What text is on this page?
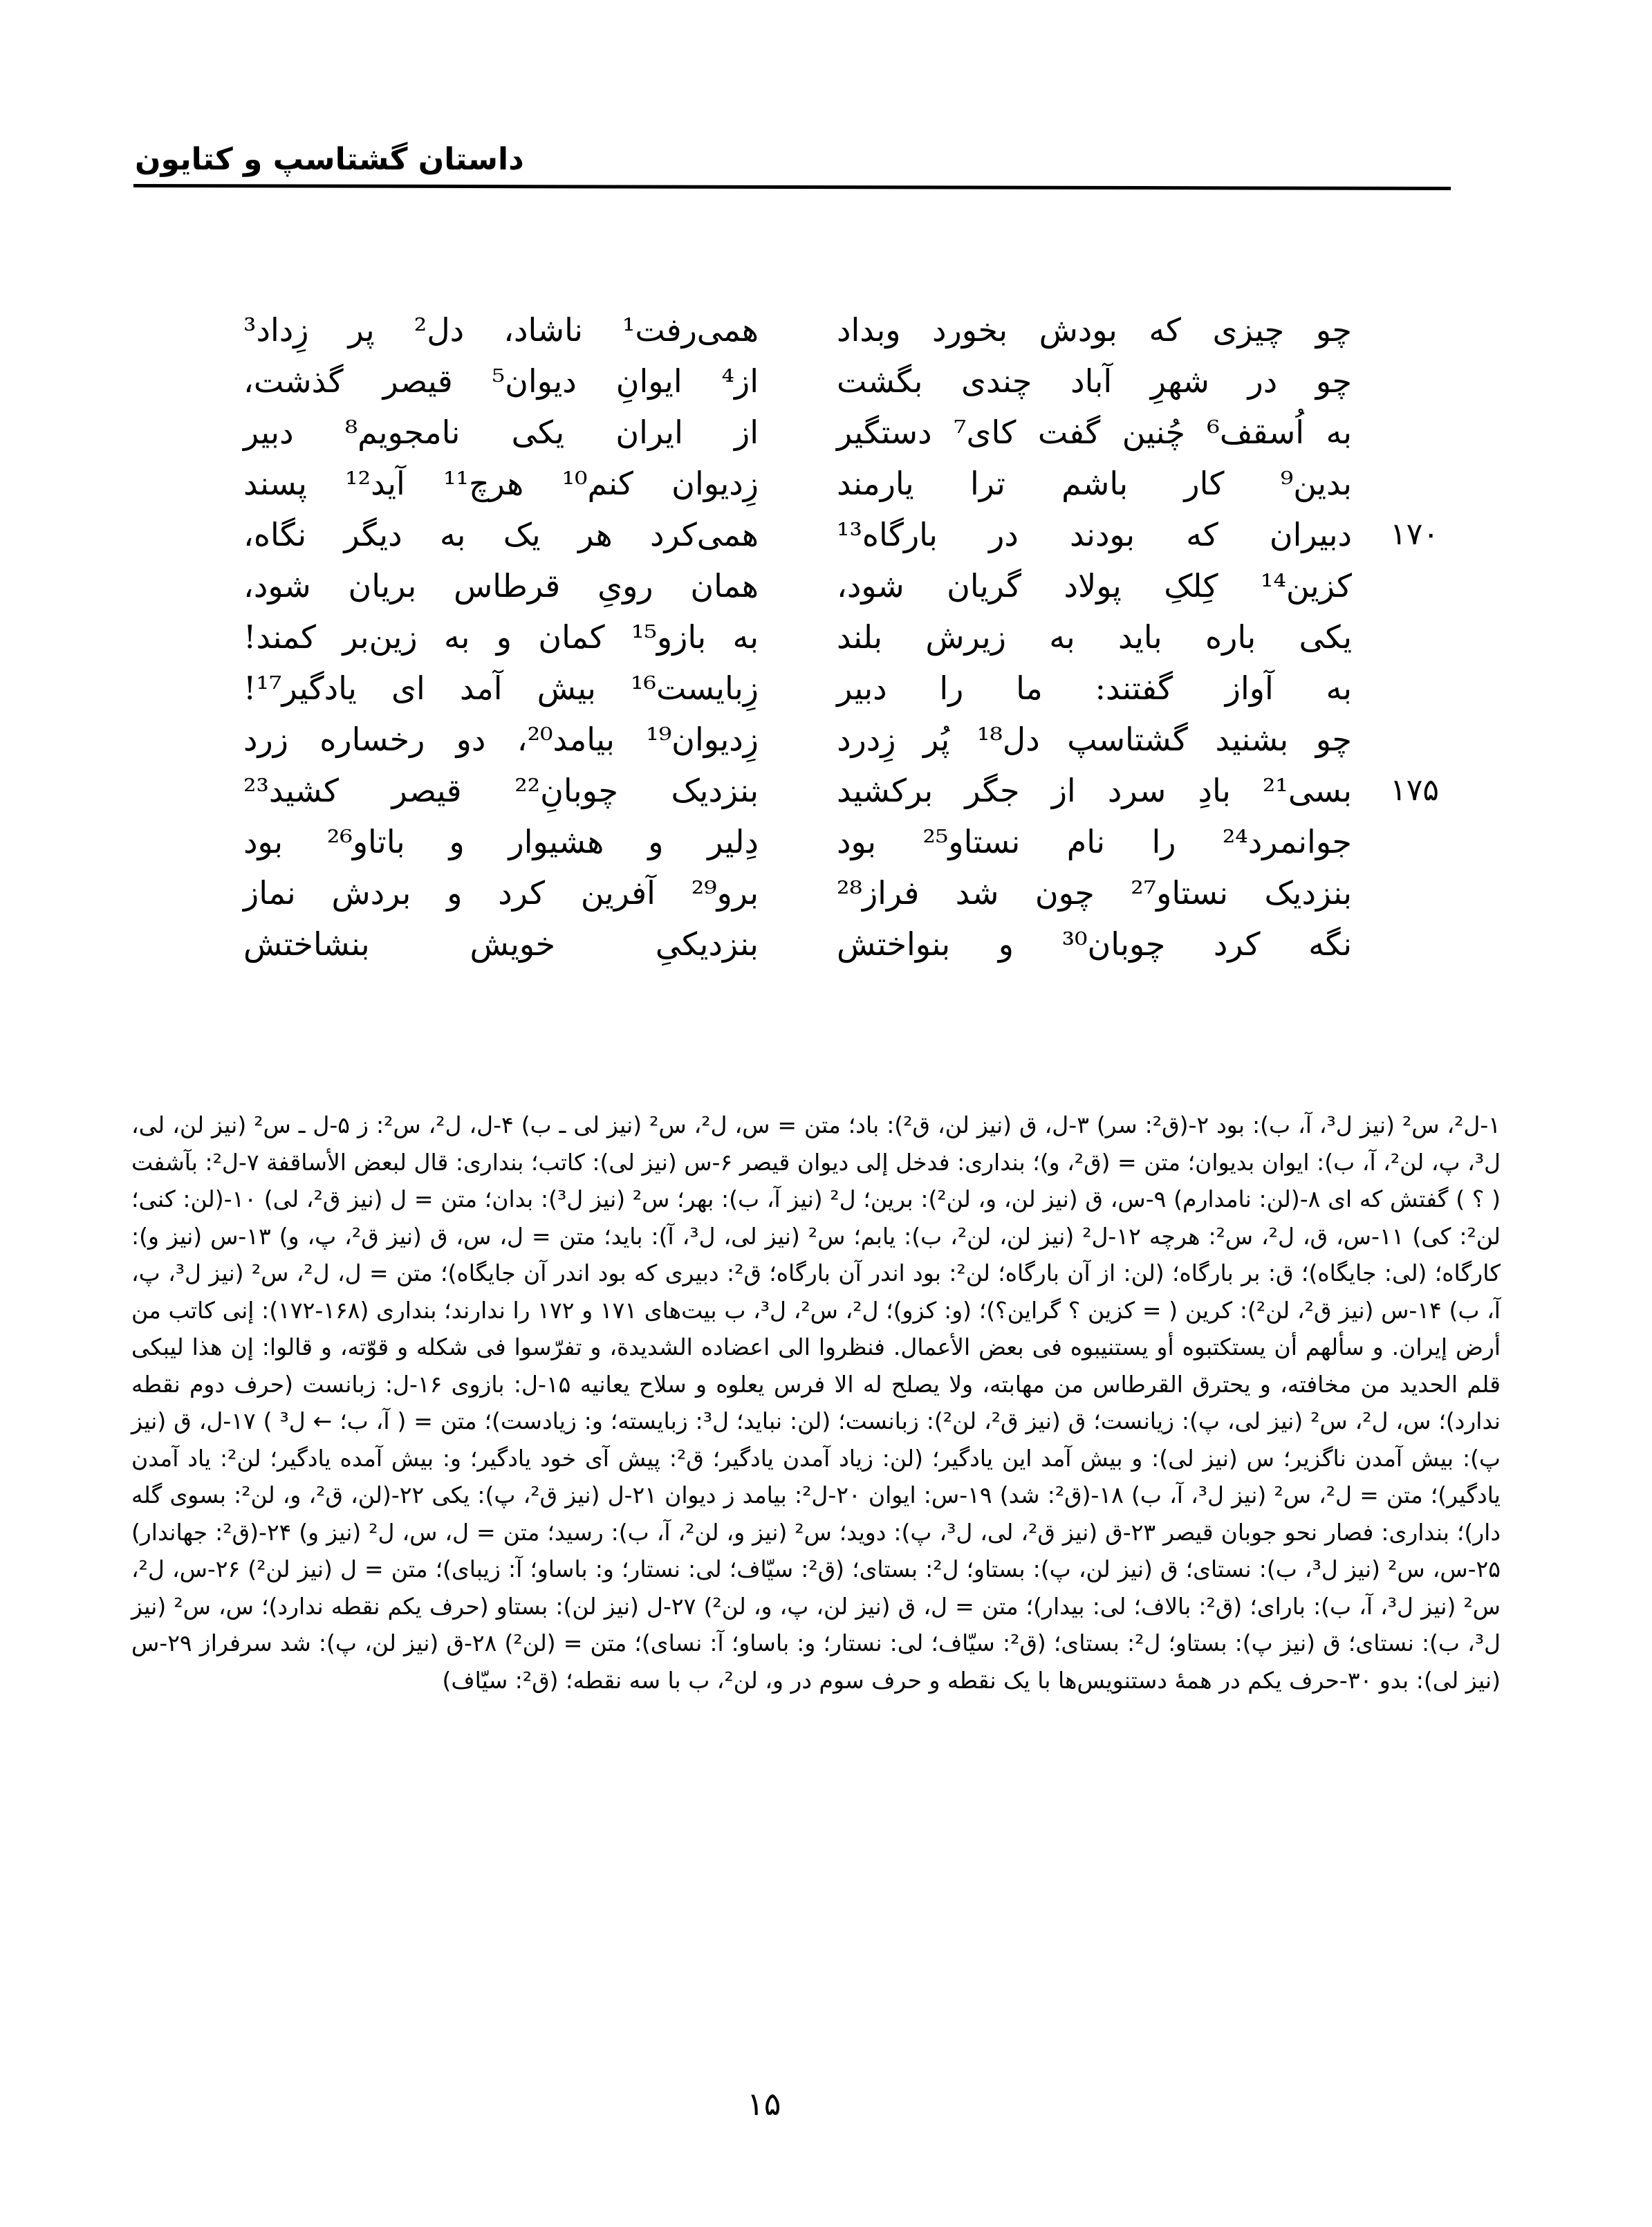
داستان گشتاسپ و کتایون
چو
چیزی
که
بودش
بخورد
وبداد
همی‌رفت¹
ناشاد،
دل²
پر
زِداد³
چو
در
شهرِ
آباد
چندی
بگشت
از⁴
ایوانِ
دیوان⁵
قیصر
گذشت،
به
اُسقف⁶
چُنین
گفت
کای⁷
دستگیر
از
ایران
یکی
نامجویم⁸
دبیر
بدین⁹
کار
باشم
ترا
یارمند
زِدیوان
کنم¹⁰
هرچ¹¹
آید¹²
پسند
۱۷۰
دبیران
که
بودند
در
بارگاه¹³
همی‌کرد
هر
یک
به
دیگر
نگاه،
کزین¹⁴
کِلکِ
پولاد
گریان
شود،
همان
رویِ
قرطاس
بریان
شود،
یکی
باره
باید
به
زیرش
بلند
به
بازو¹⁵
کمان
و
به
زین‌بر
کمند!
به
آواز
گفتند:
ما
را
دبیر
زِبایست¹⁶
بیش
آمد
ای
یادگیر¹⁷!
چو
بشنید
گشتاسپ
دل¹⁸
پُر
زِدرد
زِدیوان¹⁹
بیامد²⁰،
دو
رخساره
زرد
۱۷۵
بسی²¹
بادِ
سرد
از
جگر
برکشید
بنزدیک
چوبانِ²²
قیصر
کشید²³
جوانمرد²⁴
را
نام
نستاو²⁵
بود
دِلیر
و
هشیوار
و
باتاو²⁶
بود
بنزدیک
نستاو²⁷
چون
شد
فراز²⁸
برو²⁹
آفرین
کرد
و
بردش
نماز
نگه
کرد
چوبان³⁰
و
بنواختش
بنزدیکیِ
خویش
بنشاختش

۱-ل²، س² (نیز ل³، آ، ب): بود ۲-(ق²: سر) ۳-ل، ق (نیز لن، ق²): باد؛ متن = س، ل²، س² (نیز لی ـ ب) ۴-ل، ل²، س²: ز ۵-ل ـ س² (نیز لن، لی، ل³، پ، لن²، آ، ب): ایوان بدیوان؛ متن = (ق²، و)؛ بنداری: فدخل إلی دیوان قیصر ۶-س (نیز لی): کاتب؛ بنداری: قال لبعض الأساقفة ۷-ل²: بآشفت ( ؟ ) گفتش که ای ۸-(لن: نامدارم) ۹-س، ق (نیز لن، و، لن²): برین؛ ل² (نیز آ، ب): بهر؛ س² (نیز ل³): بدان؛ متن = ل (نیز ق²، لی) ۱۰-(لن: کنی؛ لن²: کی) ۱۱-س، ق، ل²، س²: هرچه ۱۲-ل² (نیز لن، لن²، ب): یابم؛ س² (نیز لی، ل³، آ): باید؛ متن = ل، س، ق (نیز ق²، پ، و) ۱۳-س (نیز و): کارگاه؛ (لی: جایگاه)؛ ق: بر بارگاه؛ (لن: از آن بارگاه؛ لن²: بود اندر آن بارگاه؛ ق²: دبیری که بود اندر آن جایگاه)؛ متن = ل، ل²، س² (نیز ل³، پ، آ، ب) ۱۴-س (نیز ق²، لن²): کرین ( = کزین ؟ گراین؟)؛ (و: کزو)؛ ل²، س²، ل³، ب بیت‌های ۱۷۱ و ۱۷۲ را ندارند؛ بنداری (۱۶۸-۱۷۲): إنی کاتب من أرض إیران. و سألهم أن یستکتبوه أو یستنیبوه فی بعض الأعمال. فنظروا الی اعضاده الشدیدة، و تفرّسوا فی شکله و قوّته، و قالوا: إن هذا لیبکی قلم الحدید من مخافته، و یحترق القرطاس من مهابته، ولا یصلح له الا فرس یعلوه و سلاح یعانیه ۱۵-ل: بازوی ۱۶-ل: زبانست (حرف دوم نقطه ندارد)؛ س، ل²، س² (نیز لی، پ): زیانست؛ ق (نیز ق²، لن²): زبانست؛ (لن: نباید؛ ل³: زبایسته؛ و: زیادست)؛ متن = ( آ، ب؛ ← ل³ ) ۱۷-ل، ق (نیز پ): بیش آمدن ناگزیر؛ س (نیز لی): و بیش آمد این یادگیر؛ (لن: زیاد آمدن یادگیر؛ ق²: پیش آی خود یادگیر؛ و: بیش آمده یادگیر؛ لن²: یاد آمدن یادگیر)؛ متن = ل²، س² (نیز ل³، آ، ب) ۱۸-(ق²: شد) ۱۹-س: ایوان ۲۰-ل²: بیامد ز دیوان ۲۱-ل (نیز ق²، پ): یکی ۲۲-(لن، ق²، و، لن²: بسوی گله دار)؛ بنداری: فصار نحو جوبان قیصر ۲۳-ق (نیز ق²، لی، ل³، پ): دوید؛ س² (نیز و، لن²، آ، ب): رسید؛ متن = ل، س، ل² (نیز و) ۲۴-(ق²: جهاندار) ۲۵-س، س² (نیز ل³، ب): نستای؛ ق (نیز لن، پ): بستاو؛ ل²: بستای؛ (ق²: سیّاف؛ لی: نستار؛ و: باساو؛ آ: زیبای)؛ متن = ل (نیز لن²) ۲۶-س، ل²، س² (نیز ل³، آ، ب): بارای؛ (ق²: بالاف؛ لی: بیدار)؛ متن = ل، ق (نیز لن، پ، و، لن²) ۲۷-ل (نیز لن): بستاو (حرف یکم نقطه ندارد)؛ س، س² (نیز ل³، ب): نستای؛ ق (نیز پ): بستاو؛ ل²: بستای؛ (ق²: سیّاف؛ لی: نستار؛ و: باساو؛ آ: نسای)؛ متن = (لن²) ۲۸-ق (نیز لن، پ): شد سرفراز ۲۹-س (نیز لی): بدو ۳۰-حرف یکم در همهٔ دستنویس‌ها با یک نقطه و حرف سوم در و، لن²، ب با سه نقطه؛ (ق²: سیّاف)

۱۵
